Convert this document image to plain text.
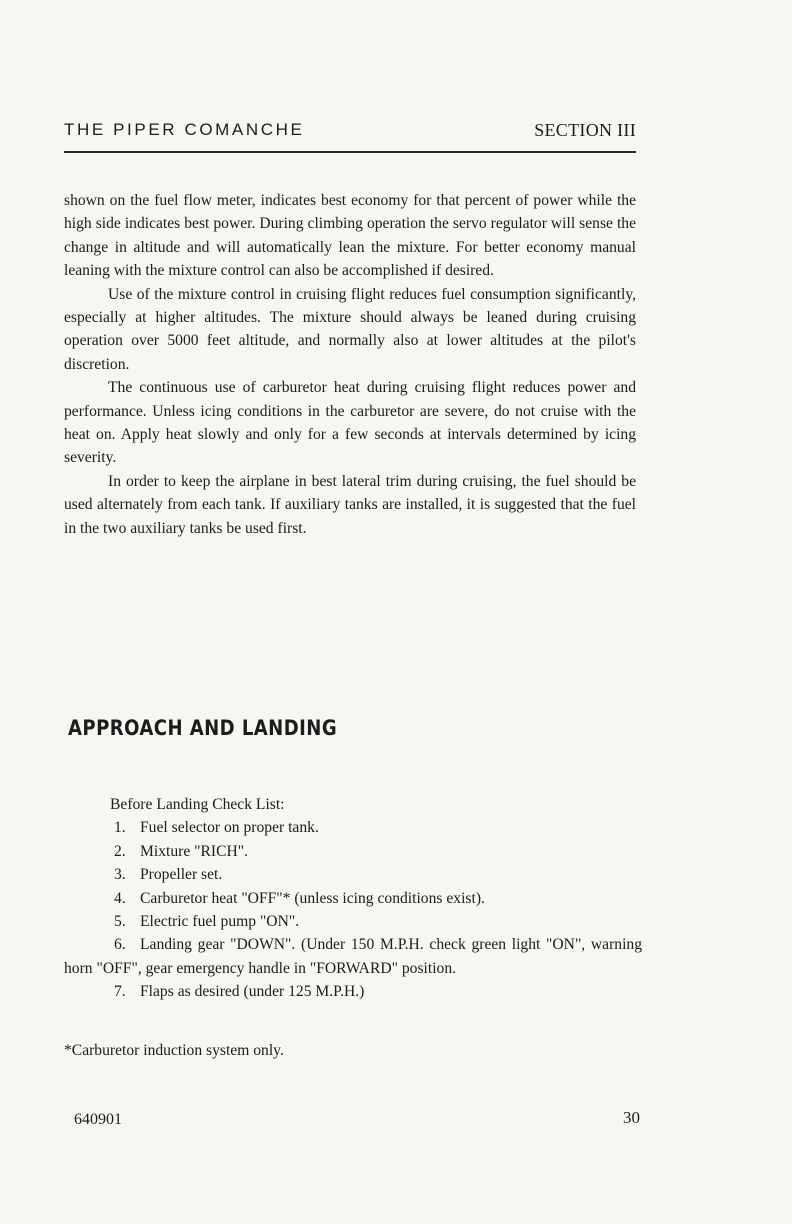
THE PIPER COMANCHE	SECTION III

shown on the fuel flow meter, indicates best economy for that percent of power while the high side indicates best power. During climbing operation the servo regulator will sense the change in altitude and will automatically lean the mixture. For better economy manual leaning with the mixture control can also be accomplished if desired.

Use of the mixture control in cruising flight reduces fuel consumption significantly, especially at higher altitudes. The mixture should always be leaned during cruising operation over 5000 feet altitude, and normally also at lower altitudes at the pilot's discretion.

The continuous use of carburetor heat during cruising flight reduces power and performance. Unless icing conditions in the carburetor are severe, do not cruise with the heat on. Apply heat slowly and only for a few seconds at intervals determined by icing severity.

In order to keep the airplane in best lateral trim during cruising, the fuel should be used alternately from each tank. If auxiliary tanks are installed, it is suggested that the fuel in the two auxiliary tanks be used first.

APPROACH AND LANDING
Before Landing Check List:
1. Fuel selector on proper tank.
2. Mixture "RICH".
3. Propeller set.
4. Carburetor heat "OFF"* (unless icing conditions exist).
5. Electric fuel pump "ON".
6. Landing gear "DOWN". (Under 150 M.P.H. check green light "ON", warning horn "OFF", gear emergency handle in "FORWARD" position.
7. Flaps as desired (under 125 M.P.H.)
*Carburetor induction system only.
640901	30
